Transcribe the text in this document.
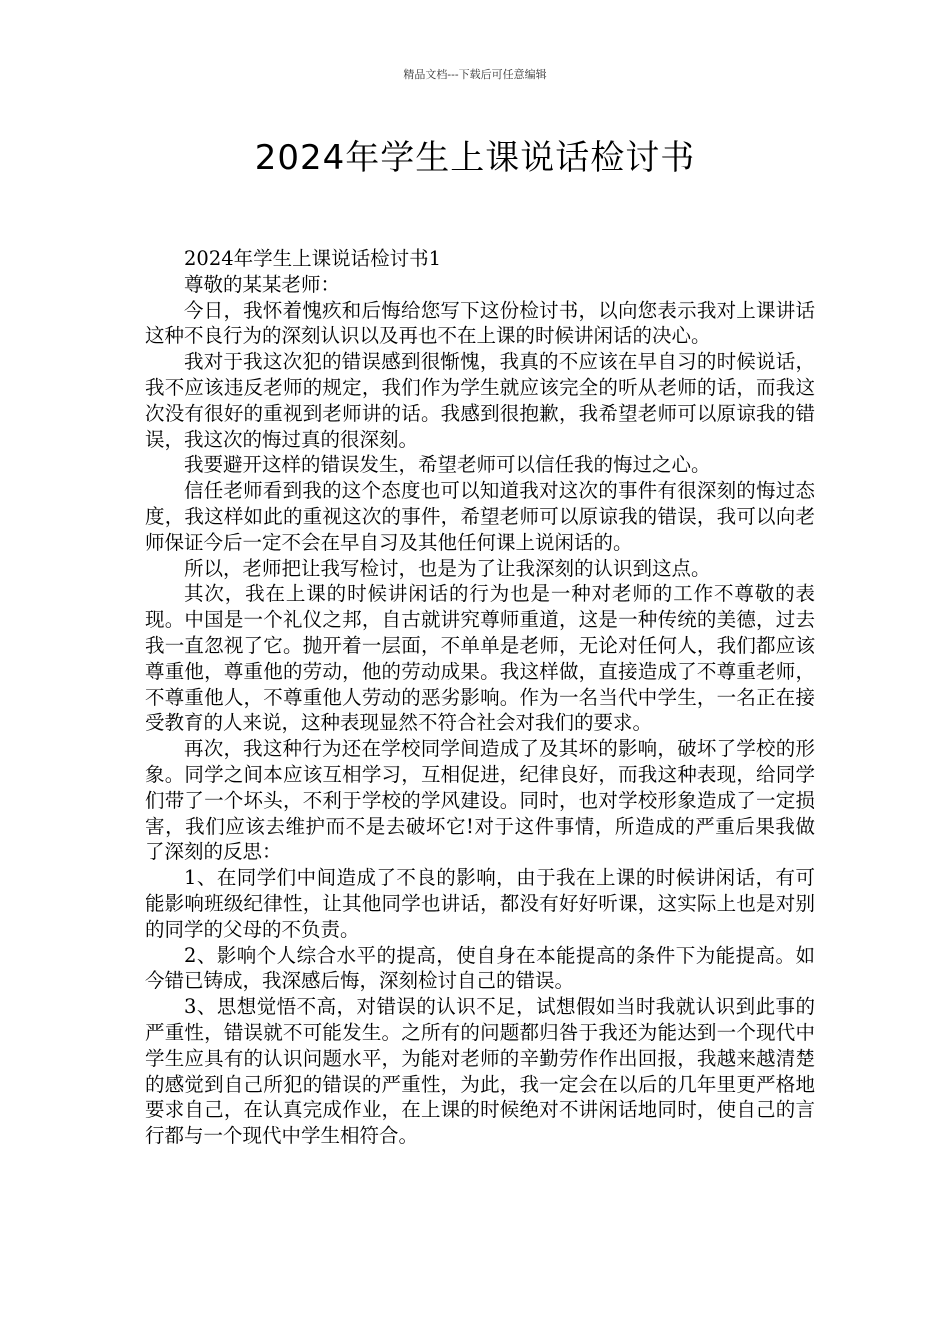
精品文档---下载后可任意编辑
2024年学生上课说话检讨书

2024年学生上课说话检讨书1

尊敬的某某老师：

今日，我怀着愧疚和后悔给您写下这份检讨书，以向您表示我对上课讲话这种不良行为的深刻认识以及再也不在上课的时候讲闲话的决心。

我对于我这次犯的错误感到很惭愧，我真的不应该在早自习的时候说话，我不应该违反老师的规定，我们作为学生就应该完全的听从老师的话，而我这次没有很好的重视到老师讲的话。我感到很抱歉，我希望老师可以原谅我的错误，我这次的悔过真的很深刻。

我要避开这样的错误发生，希望老师可以信任我的悔过之心。

信任老师看到我的这个态度也可以知道我对这次的事件有很深刻的悔过态度，我这样如此的重视这次的事件，希望老师可以原谅我的错误，我可以向老师保证今后一定不会在早自习及其他任何课上说闲话的。

所以，老师把让我写检讨，也是为了让我深刻的认识到这点。

其次，我在上课的时候讲闲话的行为也是一种对老师的工作不尊敬的表现。中国是一个礼仪之邦，自古就讲究尊师重道，这是一种传统的美德，过去我一直忽视了它。抛开着一层面，不单单是老师，无论对任何人，我们都应该尊重他，尊重他的劳动，他的劳动成果。我这样做，直接造成了不尊重老师，不尊重他人，不尊重他人劳动的恶劣影响。作为一名当代中学生，一名正在接受教育的人来说，这种表现显然不符合社会对我们的要求。

再次，我这种行为还在学校同学间造成了及其坏的影响，破坏了学校的形象。同学之间本应该互相学习，互相促进，纪律良好，而我这种表现，给同学们带了一个坏头，不利于学校的学风建设。同时，也对学校形象造成了一定损害，我们应该去维护而不是去破坏它!对于这件事情，所造成的严重后果我做了深刻的反思：

1、在同学们中间造成了不良的影响，由于我在上课的时候讲闲话，有可能影响班级纪律性，让其他同学也讲话，都没有好好听课，这实际上也是对别的同学的父母的不负责。

2、影响个人综合水平的提高，使自身在本能提高的条件下为能提高。如今错已铸成，我深感后悔，深刻检讨自己的错误。

3、思想觉悟不高，对错误的认识不足，试想假如当时我就认识到此事的严重性，错误就不可能发生。之所有的问题都归咎于我还为能达到一个现代中学生应具有的认识问题水平，为能对老师的辛勤劳作作出回报，我越来越清楚的感觉到自己所犯的错误的严重性，为此，我一定会在以后的几年里更严格地要求自己，在认真完成作业，在上课的时候绝对不讲闲话地同时，使自己的言行都与一个现代中学生相符合。
